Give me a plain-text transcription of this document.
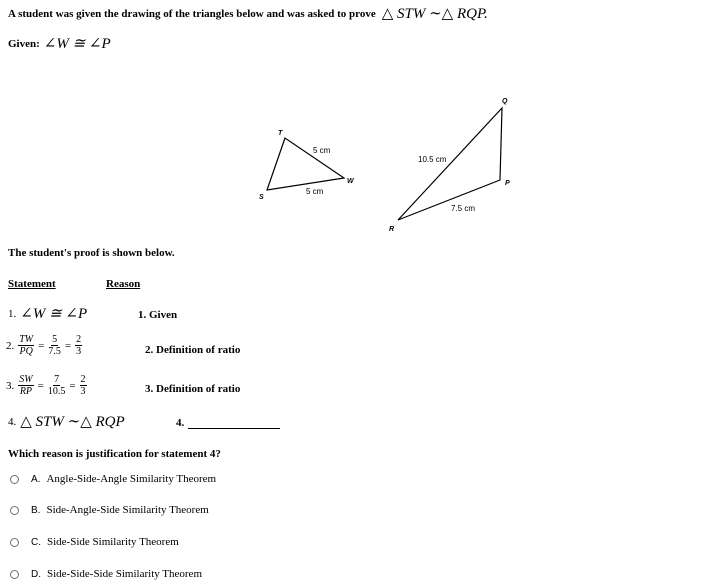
A student was given the drawing of the triangles below and was asked to prove △ STW ∼△ RQP.
Given: ∠W ≅ ∠P
T
S
W
5 cm
5 cm
Q
R
P
10.5 cm
7.5 cm
The student's proof is shown below.
Statement	Reason
1. ∠W ≅ ∠P	1. Given
2. $\frac{TW}{PQ} = \frac{5}{7.5} = \frac{2}{3}$	2. Definition of ratio
3. $\frac{SW}{RP} = \frac{7}{10.5} = \frac{2}{3}$	3. Definition of ratio
4. △ STW ∼△ RQP	4.
Which reason is justification for statement 4?
A. Angle-Side-Angle Similarity Theorem
B. Side-Angle-Side Similarity Theorem
C. Side-Side Similarity Theorem
D. Side-Side-Side Similarity Theorem
